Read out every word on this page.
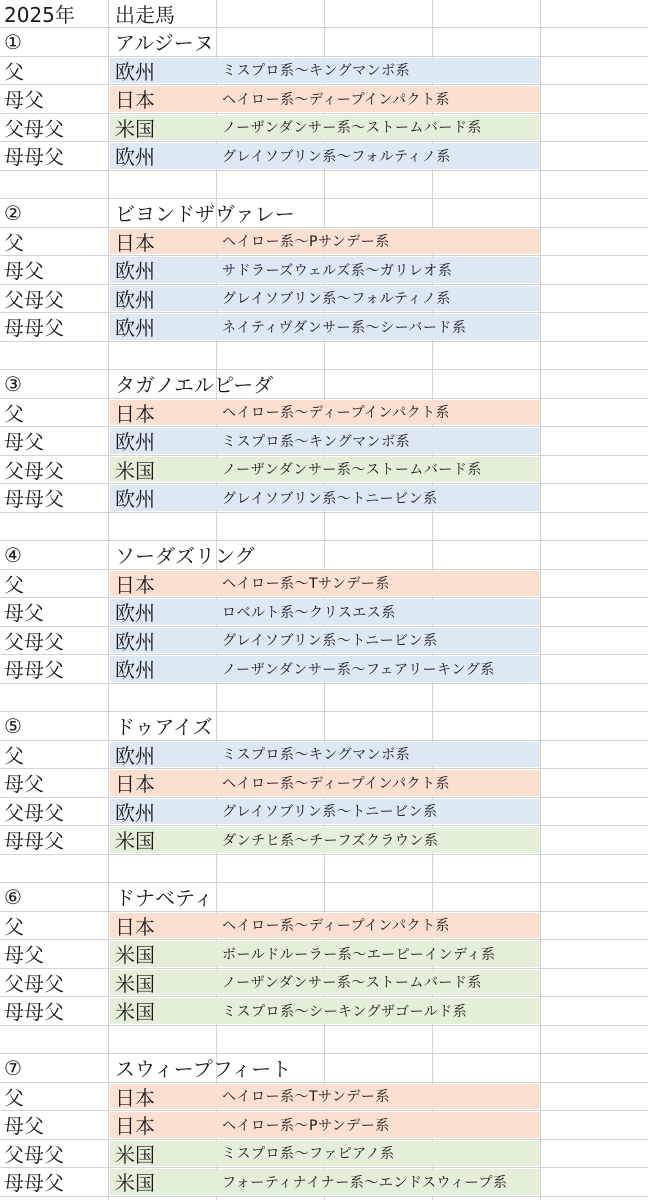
2025年 出走馬
①	アルジーヌ
父	欧州	ミスプロ系～キングマンボ系
母父	日本	ヘイロー系～ディープインパクト系
父母父	米国	ノーザンダンサー系～ストームバード系
母母父	欧州	グレイソブリン系～フォルティノ系
②	ビヨンドザヴァレー
父	日本	ヘイロー系～Pサンデー系
母父	欧州	サドラーズウェルズ系～ガリレオ系
父母父	欧州	グレイソブリン系～フォルティノ系
母母父	欧州	ネイティヴダンサー系～シーバード系
③	タガノエルピーダ
父	日本	ヘイロー系～ディープインパクト系
母父	欧州	ミスプロ系～キングマンボ系
父母父	米国	ノーザンダンサー系～ストームバード系
母母父	欧州	グレイソブリン系～トニービン系
④	ソーダズリング
父	日本	ヘイロー系～Tサンデー系
母父	欧州	ロベルト系～クリスエス系
父母父	欧州	グレイソブリン系～トニービン系
母母父	欧州	ノーザンダンサー系～フェアリーキング系
⑤	ドゥアイズ
父	欧州	ミスプロ系～キングマンボ系
母父	日本	ヘイロー系～ディープインパクト系
父母父	欧州	グレイソブリン系～トニービン系
母母父	米国	ダンチヒ系～チーフズクラウン系
⑥	ドナベティ
父	日本	ヘイロー系～ディープインパクト系
母父	米国	ボールドルーラー系～エーピーインディ系
父母父	米国	ノーザンダンサー系～ストームバード系
母母父	米国	ミスプロ系～シーキングザゴールド系
⑦	スウィープフィート
父	日本	ヘイロー系～Tサンデー系
母父	日本	ヘイロー系～Pサンデー系
父母父	米国	ミスプロ系～ファピアノ系
母母父	米国	フォーティナイナー系～エンドスウィープ系
